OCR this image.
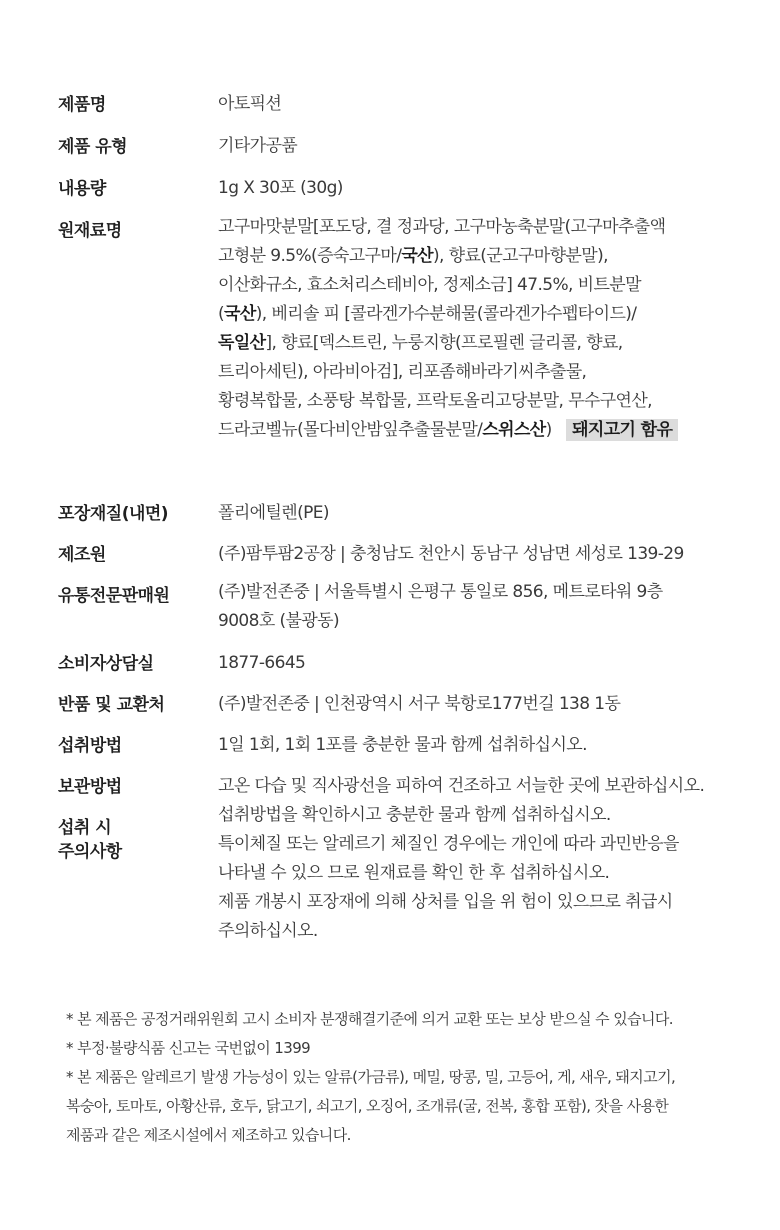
제품명	아토픽션
제품 유형	기타가공품
내용량	1g X 30포 (30g)
원재료명	고구마맛분말[포도당, 결 정과당, 고구마농축분말(고구마추출액
고형분 9.5%(증숙고구마/국산), 향료(군고구마향분말),
이산화규소, 효소처리스테비아, 정제소금] 47.5%, 비트분말
(국산), 베리솔 피 [콜라겐가수분해물(콜라겐가수펩타이드)/
독일산], 향료[덱스트린, 누룽지향(프로필렌 글리콜, 향료,
트리아세틴), 아라비아검], 리포좀해바라기씨추출물,
황령복합물, 소풍탕 복합물, 프락토올리고당분말, 무수구연산,
드라코벨뉴(몰다비안밤잎추출물분말/스위스산) 돼지고기 함유
포장재질(내면)	폴리에틸렌(PE)
제조원	(주)팜투팜2공장 | 충청남도 천안시 동남구 성남면 세성로 139-29
유통전문판매원	(주)발전존중 | 서울특별시 은평구 통일로 856, 메트로타워 9층
9008호 (불광동)
소비자상담실	1877-6645
반품 및 교환처	(주)발전존중 | 인천광역시 서구 북항로177번길 138 1동
섭취방법	1일 1회, 1회 1포를 충분한 물과 함께 섭취하십시오.
보관방법	고온 다습 및 직사광선을 피하여 건조하고 서늘한 곳에 보관하십시오.
섭취 시
주의사항
섭취방법을 확인하시고 충분한 물과 함께 섭취하십시오.
특이체질 또는 알레르기 체질인 경우에는 개인에 따라 과민반응을
나타낼 수 있으 므로 원재료를 확인 한 후 섭취하십시오.
제품 개봉시 포장재에 의해 상처를 입을 위 험이 있으므로 취급시
주의하십시오.
* 본 제품은 공정거래위원회 고시 소비자 분쟁해결기준에 의거 교환 또는 보상 받으실 수 있습니다.
* 부정·불량식품 신고는 국번없이 1399
* 본 제품은 알레르기 발생 가능성이 있는 알류(가금류), 메밀, 땅콩, 밀, 고등어, 게, 새우, 돼지고기,
복숭아, 토마토, 아황산류, 호두, 닭고기, 쇠고기, 오징어, 조개류(굴, 전복, 홍합 포함), 잣을 사용한
제품과 같은 제조시설에서 제조하고 있습니다.
